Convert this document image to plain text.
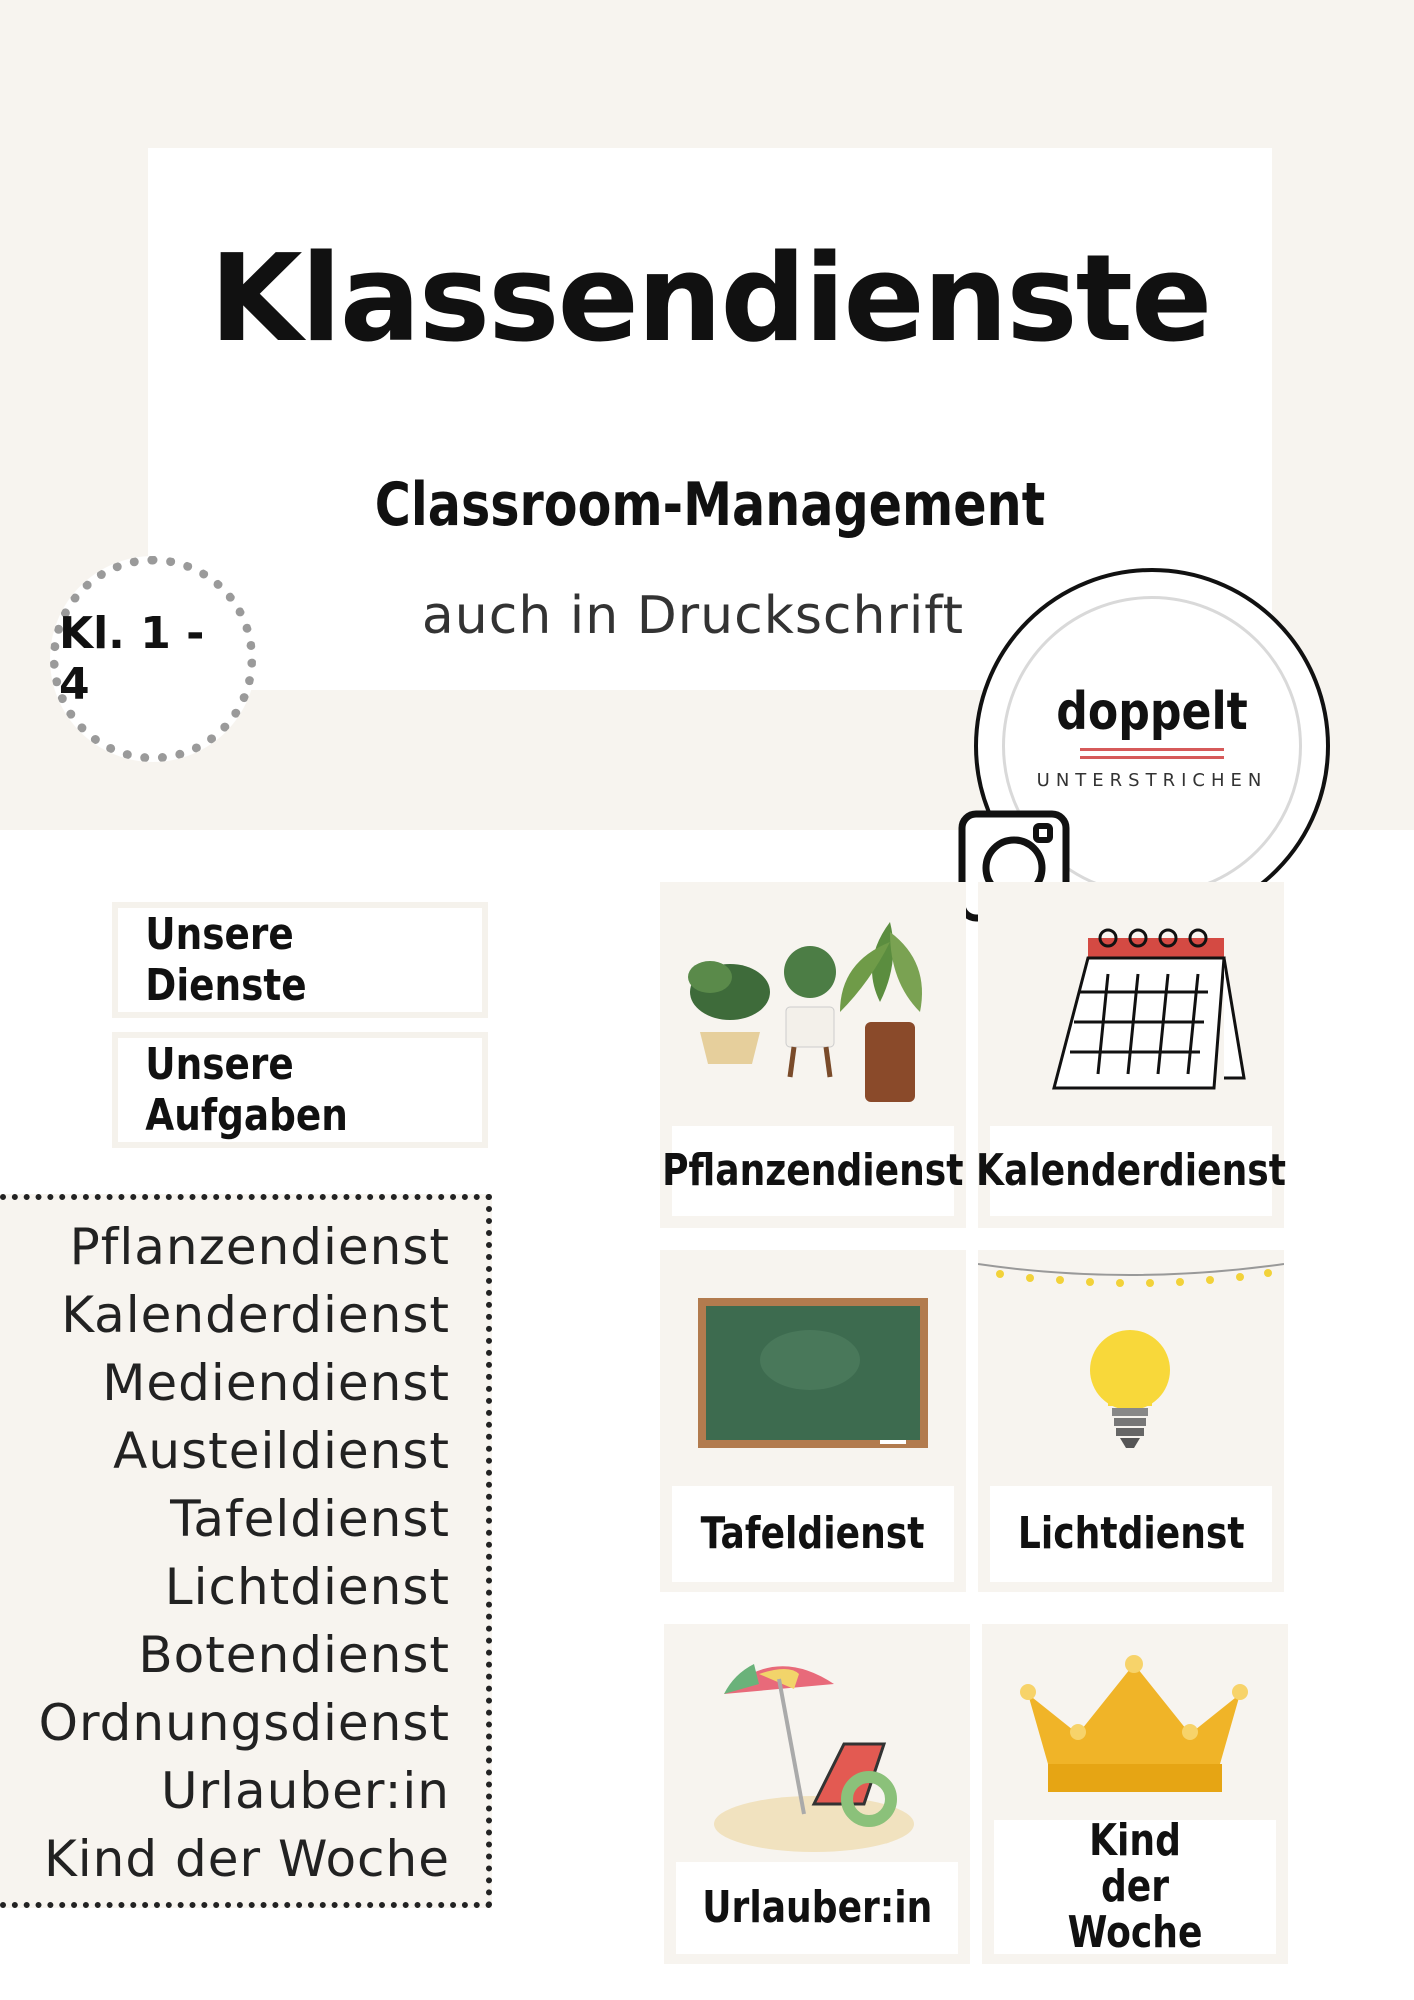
Klassendienste
Classroom-Management
auch in Druckschrift
Kl. 1 - 4	doppelt
UNTERSTRICHEN
Unsere Dienste
Unsere Aufgaben
Pflanzendienst
Kalenderdienst
Mediendienst
Austeildienst
Tafeldienst
Lichtdienst
Botendienst
Ordnungsdienst
Urlauber:in
Kind der Woche
Pflanzendienst Kalenderdienst
Tafeldienst Lichtdienst
Urlauber:in
Kind der Woche
